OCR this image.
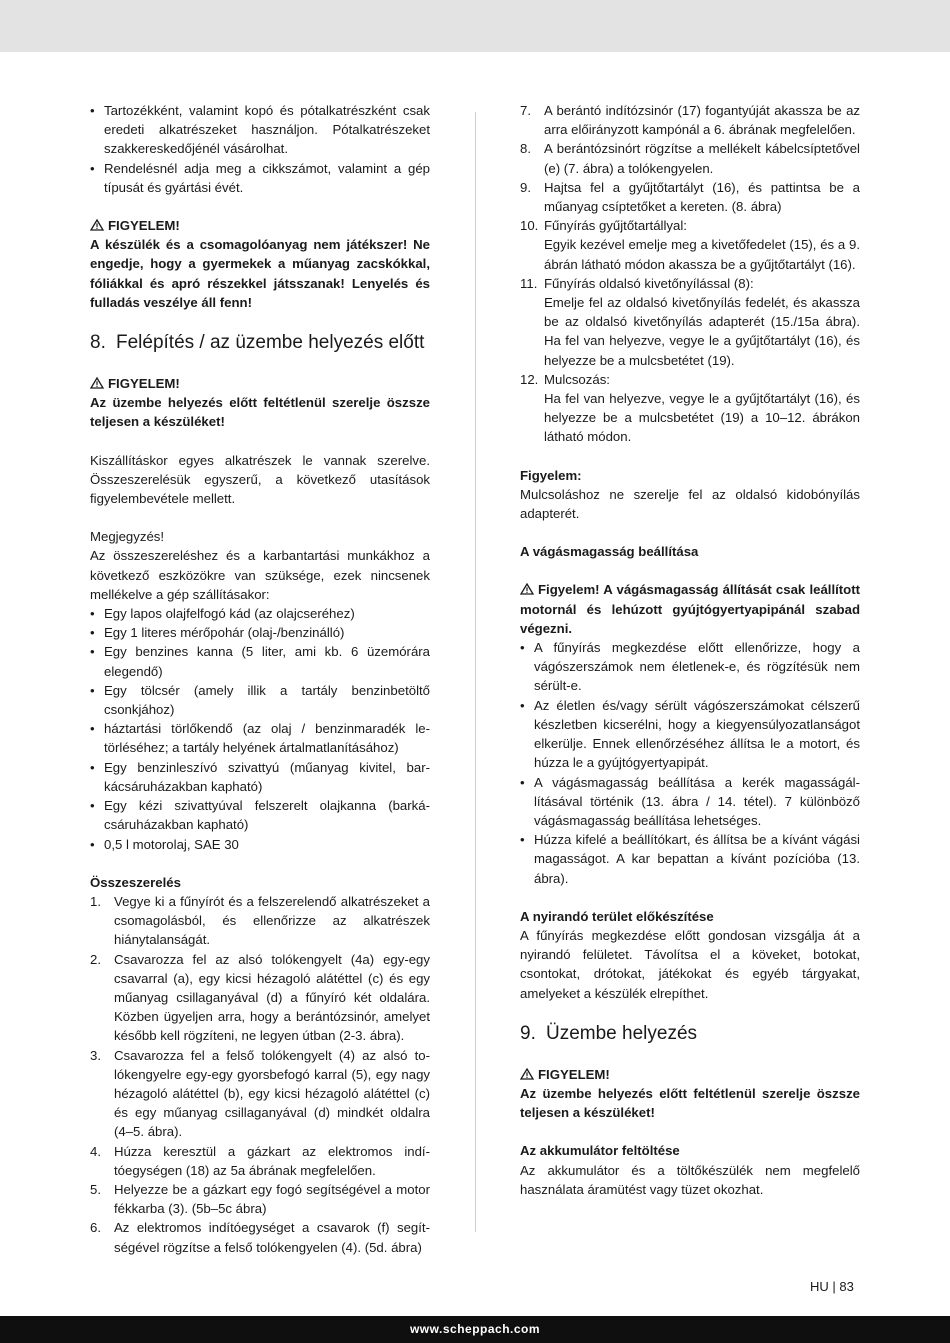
• Tartozékként, valamint kopó és pótalkatrészként csak eredeti alkatrészeket használjon. Pótalkatrészeket szakkereskedőjénél vásárolhat.
• Rendelésnél adja meg a cikkszámot, valamint a gép típusát és gyártási évét.
FIGYELEM!

A készülék és a csomagolóanyag nem játékszer! Ne engedje, hogy a gyermekek a műanyag zacskókkal, fóliákkal és apró részekkel játsszanak! Lenyelés és fulladás veszélye áll fenn!

8. Felépítés / az üzembe helyezés előtt
FIGYELEM!

Az üzembe helyezés előtt feltétlenül szerelje öszsze teljesen a készüléket!

Kiszállításkor egyes alkatrészek le vannak szerelve. Összeszerelésük egyszerű, a következő utasítások figyelembevétele mellett.

Megjegyzés!

Az összeszereléshez és a karbantartási munkákhoz a következő eszközökre van szüksége, ezek nincsenek mellékelve a gép szállításakor:

• Egy lapos olajfelfogó kád (az olajcseréhez)
• Egy 1 literes mérőpohár (olaj-/benzinálló)
• Egy benzines kanna (5 liter, ami kb. 6 üzemórára elegendő)
• Egy tölcsér (amely illik a tartály benzinbetöltő csonkjához)
• háztartási törlőkendő (az olaj / benzinmaradék letörléséhez; a tartály helyének ártalmatlanításához)
• Egy benzinleszívó szivattyú (műanyag kivitel, barkácsáruházakban kapható)
• Egy kézi szivattyúval felszerelt olajkanna (barkácsáruházakban kapható)
• 0,5 l motorolaj, SAE 30
Összeszerelés
1. Vegye ki a fűnyírót és a felszerelendő alkatrészeket a csomagolásból, és ellenőrizze az alkatrészek hiánytalanságát.
2. Csavarozza fel az alsó tolókengyelt (4a) egy-egy csavarral (a), egy kicsi hézagoló alátéttel (c) és egy műanyag csillaganyával (d) a fűnyíró két oldalára. Közben ügyeljen arra, hogy a berántózsinór, amelyet később kell rögzíteni, ne legyen útban (2-3. ábra).
3. Csavarozza fel a felső tolókengyelt (4) az alsó tolókengyelre egy-egy gyorsbefogó karral (5), egy nagy hézagoló alátéttel (b), egy kicsi hézagoló alátéttel (c) és egy műanyag csillaganyával (d) mindkét oldalra (4–5. ábra).
4. Húzza keresztül a gázkart az elektromos indítóegységen (18) az 5a ábrának megfelelően.
5. Helyezze be a gázkart egy fogó segítségével a motor fékkarba (3). (5b–5c ábra)
6. Az elektromos indítóegységet a csavarok (f) segítségével rögzítse a felső tolókengyelen (4). (5d. ábra)
7. A berántó indítózsinór (17) fogantyúját akassza be az arra előirányzott kampónál a 6. ábrának megfelelően.
8. A berántózsinórt rögzítse a mellékelt kábelcsíptetővel (e) (7. ábra) a tolókengyelen.
9. Hajtsa fel a gyűjtőtartályt (16), és pattintsa be a műanyag csíptetőket a kereten. (8. ábra)
10. Fűnyírás gyűjtőtartállyal:
Egyik kezével emelje meg a kivetőfedelet (15), és a 9. ábrán látható módon akassza be a gyűjtőtartályt (16).
11. Fűnyírás oldalsó kivetőnyílással (8):
Emelje fel az oldalsó kivetőnyílás fedelét, és akassza be az oldalsó kivetőnyílás adapterét (15./15a ábra). Ha fel van helyezve, vegye le a gyűjtőtartályt (16), és helyezze be a mulcsbetétet (19).
12. Mulcsozás:
Ha fel van helyezve, vegye le a gyűjtőtartályt (16), és helyezze be a mulcsbetétet (19) a 10–12. ábrákon látható módon.
Figyelem:

Mulcsoláshoz ne szerelje fel az oldalsó kidobónyílás adapterét.

A vágásmagasság beállítása

Figyelem! A vágásmagasság állítását csak leállított motornál és lehúzott gyújtógyertyapipánál szabad végezni.

• A fűnyírás megkezdése előtt ellenőrizze, hogy a vágószerszámok nem életlenek-e, és rögzítésük nem sérült-e.
• Az életlen és/vagy sérült vágószerszámokat célszerű készletben kicserélni, hogy a kiegyensúlyozatlanságot elkerülje. Ennek ellenőrzéséhez állítsa le a motort, és húzza le a gyújtógyertyapipát.
• A vágásmagasság beállítása a kerék magasságállításával történik (13. ábra / 14. tétel). 7 különböző vágásmagasság beállítása lehetséges.
• Húzza kifelé a beállítókart, és állítsa be a kívánt vágási magasságot. A kar bepattan a kívánt pozícióba (13. ábra).
A nyirandó terület előkészítése

A fűnyírás megkezdése előtt gondosan vizsgálja át a nyirandó felületet. Távolítsa el a köveket, botokat, csontokat, drótokat, játékokat és egyéb tárgyakat, amelyeket a készülék elrepíthet.

9. Üzembe helyezés
FIGYELEM!

Az üzembe helyezés előtt feltétlenül szerelje öszsze teljesen a készüléket!

Az akkumulátor feltöltése

Az akkumulátor és a töltőkészülék nem megfelelő használata áramütést vagy tüzet okozhat.

HU | 83
www.scheppach.com
